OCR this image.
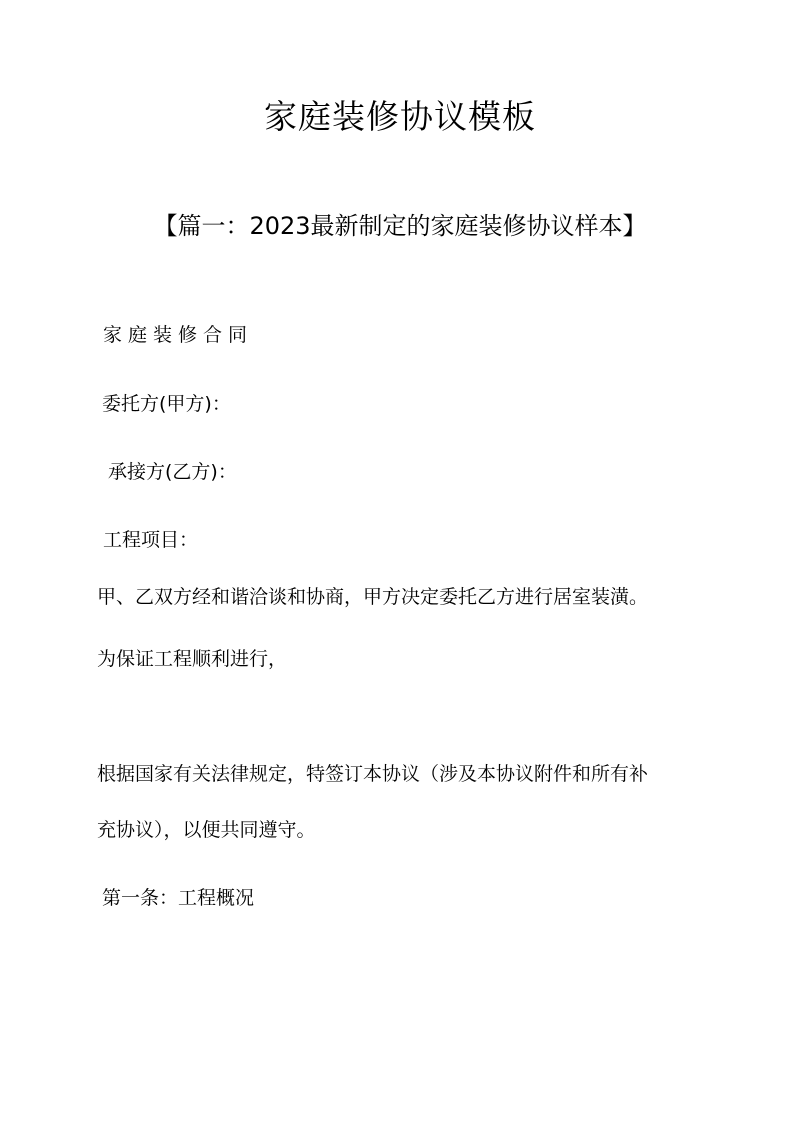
家庭装修协议模板
【篇一：2023最新制定的家庭装修协议样本】
家庭装修合同
委托方(甲方)：
承接方(乙方)：
工程项目：
甲、乙双方经和谐洽谈和协商，甲方决定委托乙方进行居室装潢。
为保证工程顺利进行，
根据国家有关法律规定，特签订本协议（涉及本协议附件和所有补
充协议），以便共同遵守。
第一条：工程概况
